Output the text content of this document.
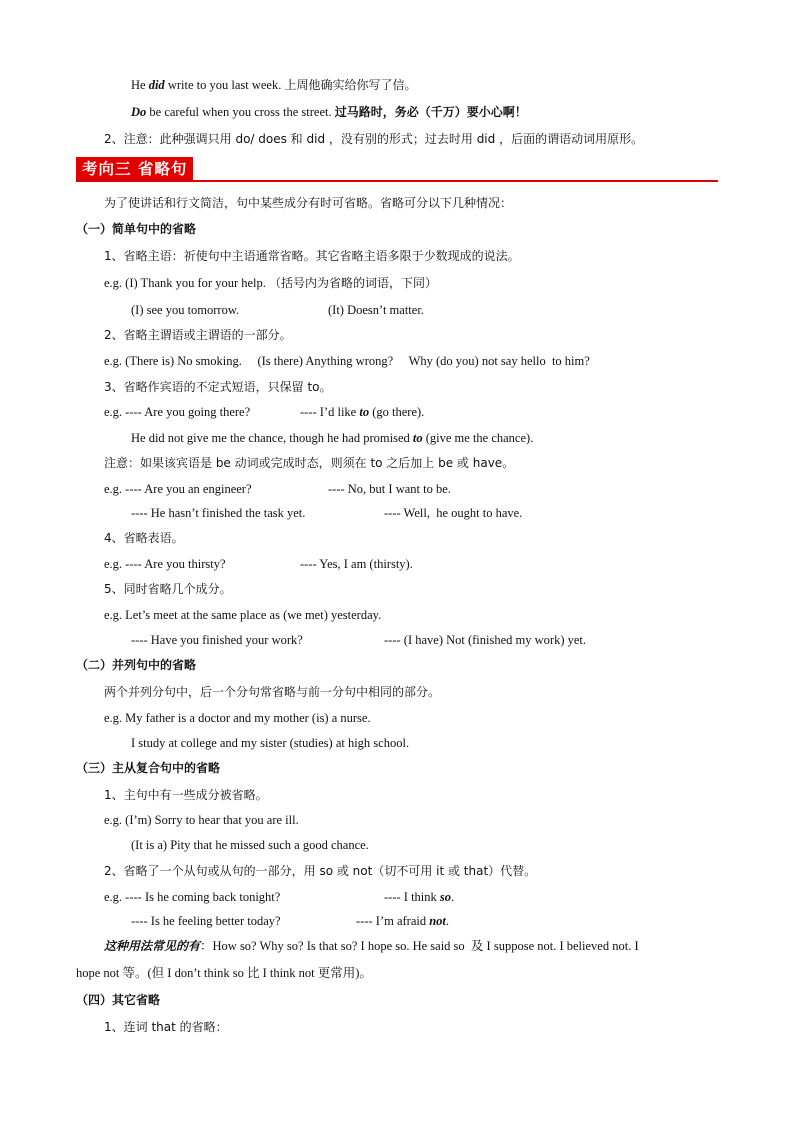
He did write to you last week. 上周他确实给你写了信。
Do be careful when you cross the street. 过马路时，务必（千万）要小心啊！
2、注意：此种强调只用 do/ does 和 did ，没有别的形式；过去时用 did ，后面的谓语动词用原形。
考向三 省略句
为了使讲话和行文简洁，句中某些成分有时可省略。省略可分以下几种情况：
（一）简单句中的省略
1、省略主语：祈使句中主语通常省略。其它省略主语多限于少数现成的说法。
e.g. (I) Thank you for your help. （括号内为省略的词语，下同）
(I) see you tomorrow.	(It) Doesn’t matter.
2、省略主谓语或主谓语的一部分。
e.g. (There is) No smoking.     (Is there) Anything wrong?     Why (do you) not say hello  to him?
3、省略作宾语的不定式短语，只保留 to。
e.g. ---- Are you going there?	---- I’d like to (go there).
He did not give me the chance, though he had promised to (give me the chance).
注意：如果该宾语是 be 动词或完成时态，则须在 to 之后加上 be 或 have。
e.g. ---- Are you an engineer?	---- No, but I want to be.
---- He hasn’t finished the task yet.	---- Well,  he ought to have.
4、省略表语。
e.g. ---- Are you thirsty?	---- Yes, I am (thirsty).
5、同时省略几个成分。
e.g. Let’s meet at the same place as (we met) yesterday.
---- Have you finished your work?	---- (I have) Not (finished my work) yet.
（二）并列句中的省略
两个并列分句中，后一个分句常省略与前一分句中相同的部分。
e.g. My father is a doctor and my mother (is) a nurse.
I study at college and my sister (studies) at high school.
（三）主从复合句中的省略
1、主句中有一些成分被省略。
e.g. (I’m) Sorry to hear that you are ill.
(It is a) Pity that he missed such a good chance.
2、省略了一个从句或从句的一部分，用 so 或 not（切不可用 it 或 that）代替。
e.g. ---- Is he coming back tonight?	---- I think so.
---- Is he feeling better today?	---- I’m afraid not.
这种用法常见的有：How so? Why so? Is that so? I hope so. He said so  及 I suppose not. I believed not. I
hope not 等。(但 I don’t think so 比 I think not 更常用)。
（四）其它省略
1、连词 that 的省略：
